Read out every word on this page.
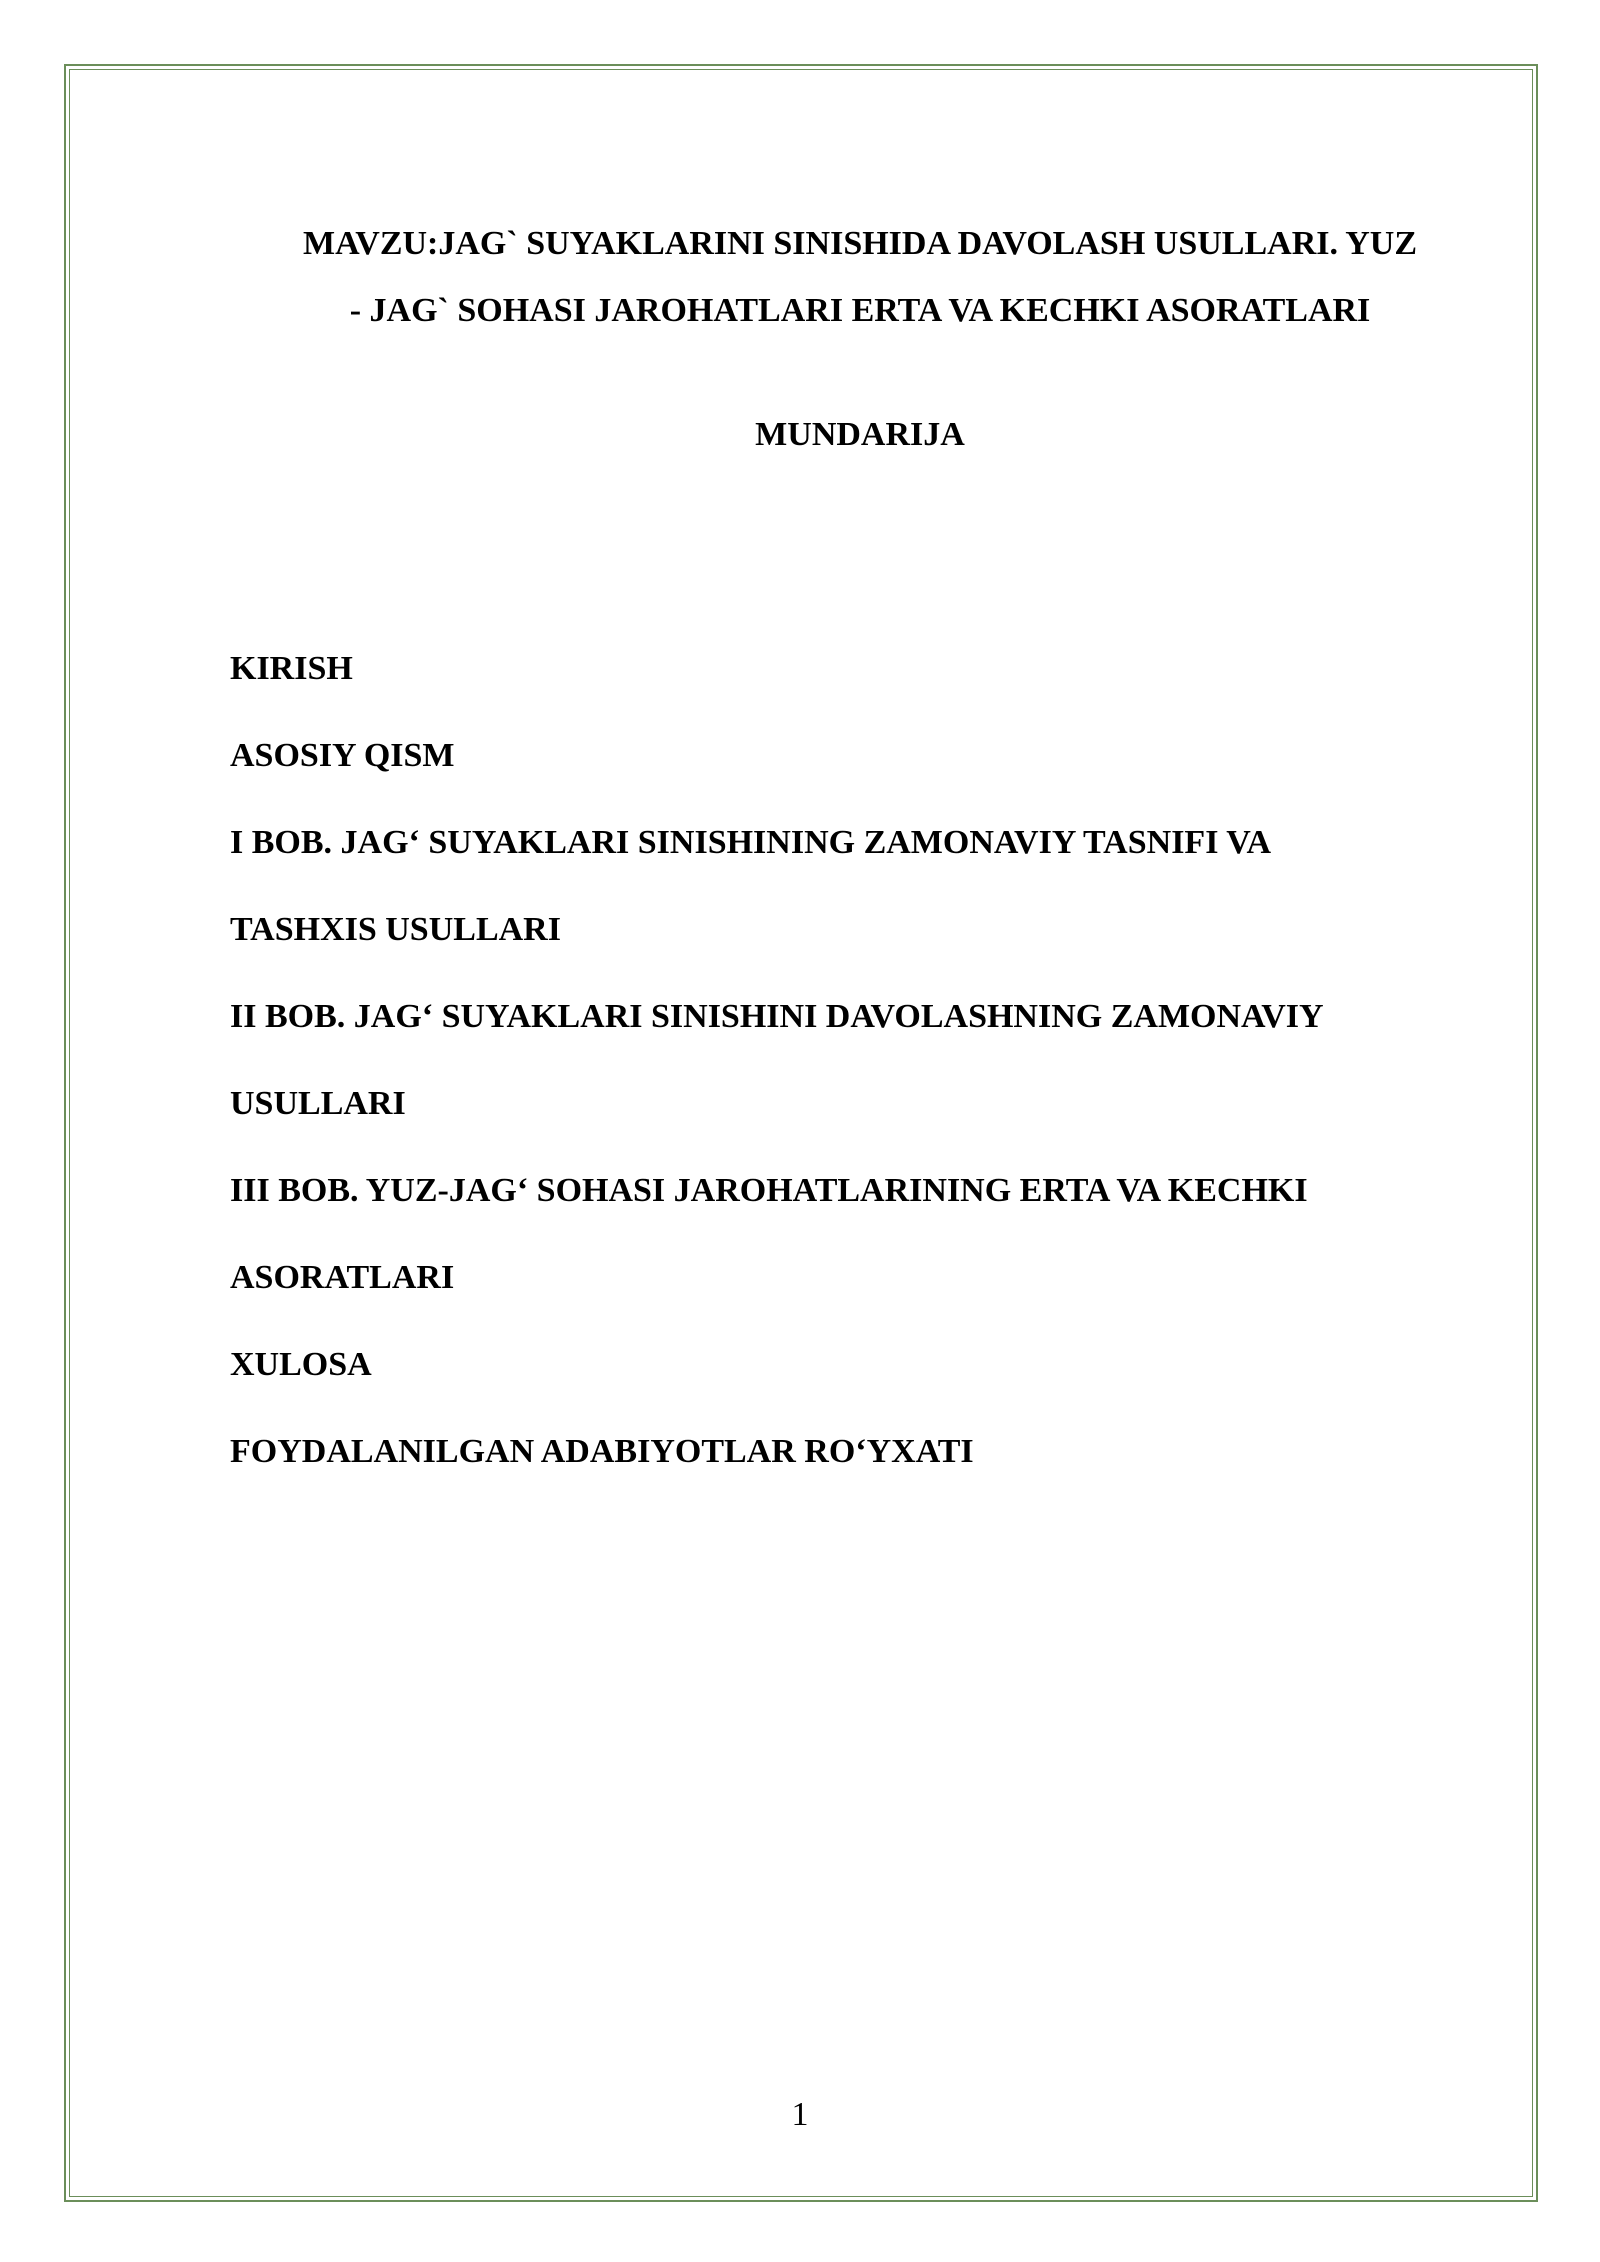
MAVZU:JAG` SUYAKLARINI SINISHIDA DAVOLASH USULLARI. YUZ
- JAG` SOHASI JAROHATLARI ERTA VA KECHKI ASORATLARI
MUNDARIJA
KIRISH
ASOSIY QISM
I BOB. JAG‘ SUYAKLARI SINISHINING ZAMONAVIY TASNIFI VA
TASHXIS USULLARI
II BOB. JAG‘ SUYAKLARI SINISHINI DAVOLASHNING ZAMONAVIY
USULLARI
III BOB. YUZ-JAG‘ SOHASI JAROHATLARINING ERTA VA KECHKI
ASORATLARI
XULOSA
FOYDALANILGAN ADABIYOTLAR RO‘YXATI
1
